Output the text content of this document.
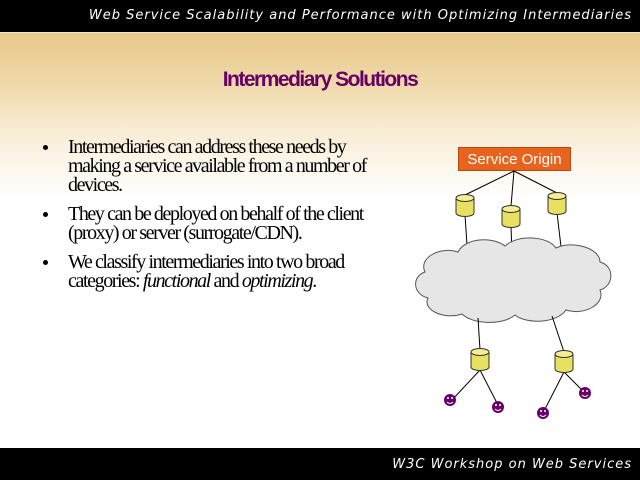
Web Service Scalability and Performance with Optimizing Intermediaries
Intermediary Solutions
Intermediaries can address these needs by making a service available from a number of devices.
They can be deployed on behalf of the client (proxy) or server (surrogate/CDN).
We classify intermediaries into two broad categories: functional and optimizing.
Service Origin
W3C Workshop on Web Services
